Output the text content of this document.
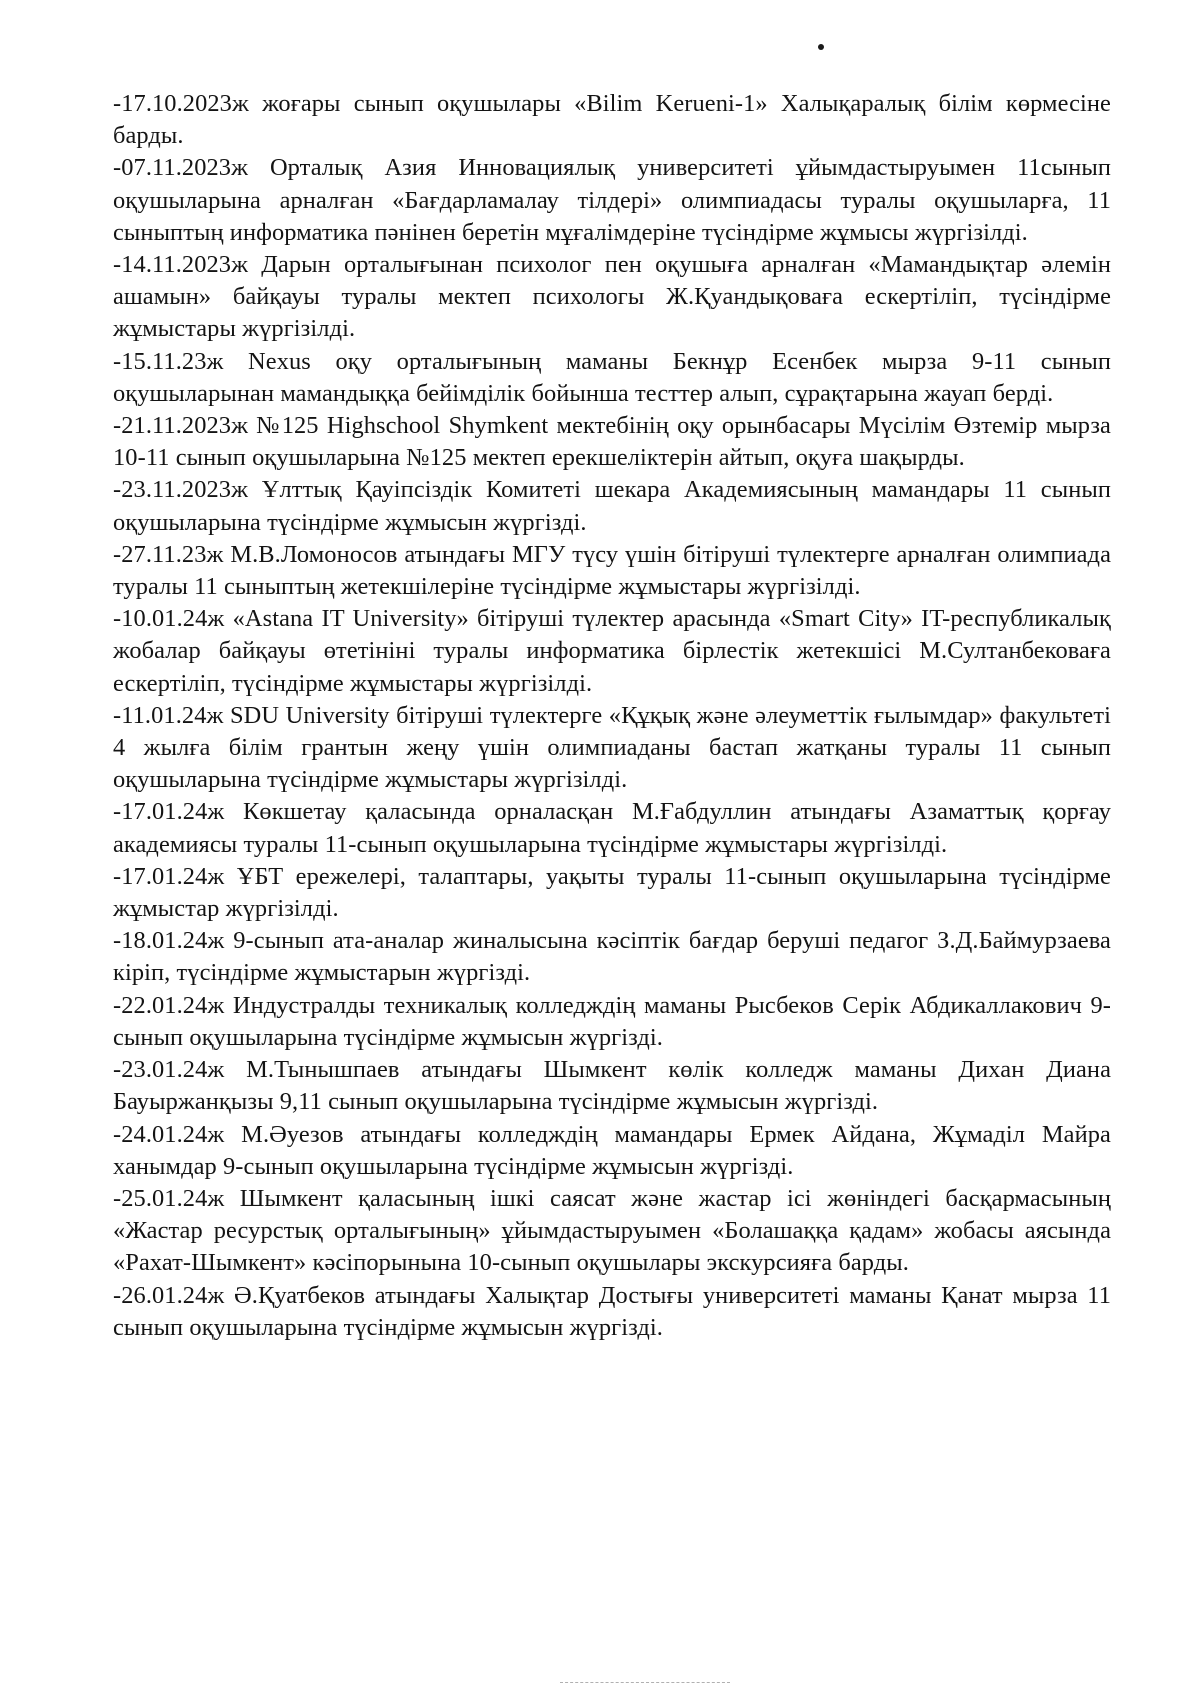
-17.10.2023ж жоғары сынып оқушылары «Bilim Kerueni-1» Халықаралық білім көрмесіне барды.

-07.11.2023ж Орталық Азия Инновациялық университеті ұйымдастыруымен 11сынып оқушыларына арналған «Бағдарламалау тілдері» олимпиадасы туралы оқушыларға, 11 сыныптың информатика пәнінен беретін мұғалімдеріне түсіндірме жұмысы жүргізілді.

-14.11.2023ж Дарын орталығынан психолог пен оқушыға арналған «Мамандықтар әлемін ашамын» байқауы туралы мектеп психологы Ж.Қуандықоваға ескертіліп, түсіндірме жұмыстары жүргізілді.

-15.11.23ж Nexus оқу орталығының маманы Бекнұр Есенбек мырза 9-11 сынып оқушыларынан мамандыққа бейімділік бойынша тесттер алып, сұрақтарына жауап берді.

-21.11.2023ж №125 Highschool Shymkent мектебінің оқу орынбасары Мүсілім Өзтемір мырза 10-11 сынып оқушыларына №125 мектеп ерекшеліктерін айтып, оқуға шақырды.

-23.11.2023ж Ұлттық Қауіпсіздік Комитеті шекара Академиясының мамандары 11 сынып оқушыларына түсіндірме жұмысын жүргізді.

-27.11.23ж М.В.Ломоносов атындағы МГУ түсу үшін бітіруші түлектерге арналған олимпиада туралы 11 сыныптың жетекшілеріне түсіндірме жұмыстары жүргізілді.

-10.01.24ж «Astana IT University» бітіруші түлектер арасында «Smart City» IT-республикалық жобалар байқауы өтетінінi туралы информатика бірлестік жетекшісі М.Султанбековаға ескертіліп, түсіндірме жұмыстары жүргізілді.

-11.01.24ж SDU University бітіруші түлектерге «Құқық және әлеуметтік ғылымдар» факультеті 4 жылға білім грантын жеңу үшін олимпиаданы бастап жатқаны туралы 11 сынып оқушыларына түсіндірме жұмыстары жүргізілді.

-17.01.24ж Көкшетау қаласында орналасқан М.Ғабдуллин атындағы Азаматтық қорғау академиясы туралы 11-сынып оқушыларына түсіндірме жұмыстары жүргізілді.

-17.01.24ж ҰБТ ережелері, талаптары, уақыты туралы 11-сынып оқушыларына түсіндірме жұмыстар жүргізілді.

-18.01.24ж 9-сынып ата-аналар жиналысына кәсіптік бағдар беруші педагог З.Д.Баймурзаева кіріп, түсіндірме жұмыстарын жүргізді.

-22.01.24ж Индустралды техникалық колледждің маманы Рысбеков Серік Абдикаллакович 9-сынып оқушыларына түсіндірме жұмысын жүргізді.

-23.01.24ж М.Тынышпаев атындағы Шымкент көлік колледж маманы Дихан Диана Бауыржанқызы 9,11 сынып оқушыларына түсіндірме жұмысын жүргізді.

-24.01.24ж М.Әуезов атындағы колледждің мамандары Ермек Айдана, Жұмаділ Майра ханымдар 9-сынып оқушыларына түсіндірме жұмысын жүргізді.

-25.01.24ж Шымкент қаласының ішкі саясат және жастар ісі жөніндегі басқармасының «Жастар ресурстық орталығының» ұйымдастыруымен «Болашаққа қадам» жобасы аясында «Рахат-Шымкент» кәсіпорынына 10-сынып оқушылары экскурсияға барды.

-26.01.24ж Ә.Қуатбеков атындағы Халықтар Достығы университеті маманы Қанат мырза 11 сынып оқушыларына түсіндірме жұмысын жүргізді.
